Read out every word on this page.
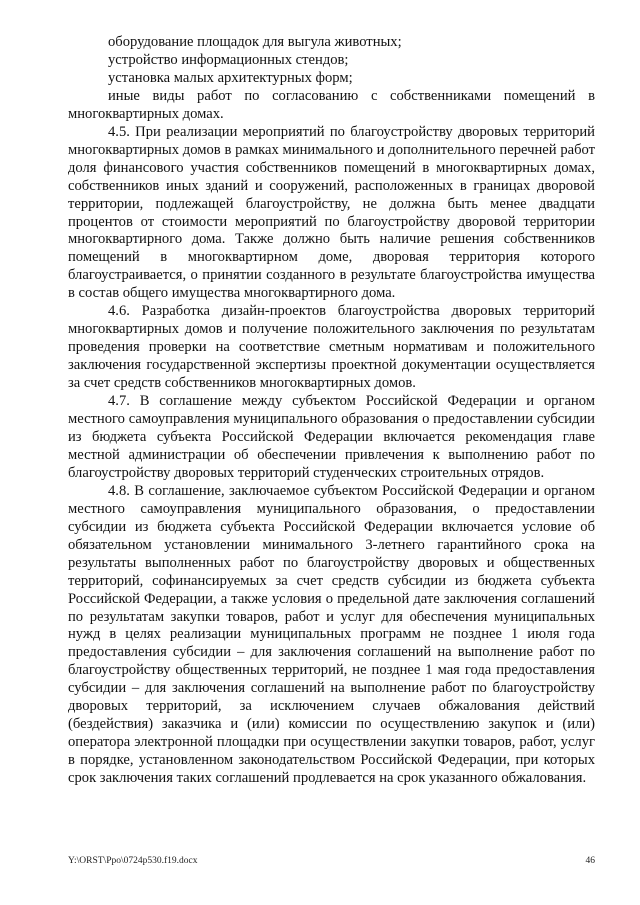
оборудование площадок для выгула животных;

устройство информационных стендов;

установка малых архитектурных форм;

иные виды работ по согласованию с собственниками помещений в многоквартирных домах.

4.5. При реализации мероприятий по благоустройству дворовых территорий многоквартирных домов в рамках минимального и дополнительного перечней работ доля финансового участия собственников помещений в многоквартирных домах, собственников иных зданий и сооружений, расположенных в границах дворовой территории, подлежащей благоустройству, не должна быть менее двадцати процентов от стоимости мероприятий по благоустройству дворовой территории многоквартирного дома. Также должно быть наличие решения собственников помещений в многоквартирном доме, дворовая территория которого благоустраивается, о принятии созданного в результате благоустройства имущества в состав общего имущества многоквартирного дома.

4.6. Разработка дизайн-проектов благоустройства дворовых территорий многоквартирных домов и получение положительного заключения по результатам проведения проверки на соответствие сметным нормативам и положительного заключения государственной экспертизы проектной документации осуществляется за счет средств собственников многоквартирных домов.

4.7. В соглашение между субъектом Российской Федерации и органом местного самоуправления муниципального образования о предоставлении субсидии из бюджета субъекта Российской Федерации включается рекомендация главе местной администрации об обеспечении привлечения к выполнению работ по благоустройству дворовых территорий студенческих строительных отрядов.

4.8. В соглашение, заключаемое субъектом Российской Федерации и органом местного самоуправления муниципального образования, о предоставлении субсидии из бюджета субъекта Российской Федерации включается условие об обязательном установлении минимального 3-летнего гарантийного срока на результаты выполненных работ по благоустройству дворовых и общественных территорий, софинансируемых за счет средств субсидии из бюджета субъекта Российской Федерации, а также условия о предельной дате заключения соглашений по результатам закупки товаров, работ и услуг для обеспечения муниципальных нужд в целях реализации муниципальных программ не позднее 1 июля года предоставления субсидии – для заключения соглашений на выполнение работ по благоустройству общественных территорий, не позднее 1 мая года предоставления субсидии – для заключения соглашений на выполнение работ по благоустройству дворовых территорий, за исключением случаев обжалования действий (бездействия) заказчика и (или) комиссии по осуществлению закупок и (или) оператора электронной площадки при осуществлении закупки товаров, работ, услуг в порядке, установленном законодательством Российской Федерации, при которых срок заключения таких соглашений продлевается на срок указанного обжалования.

Y:\ORST\Ppo\0724p530.f19.docx	46
